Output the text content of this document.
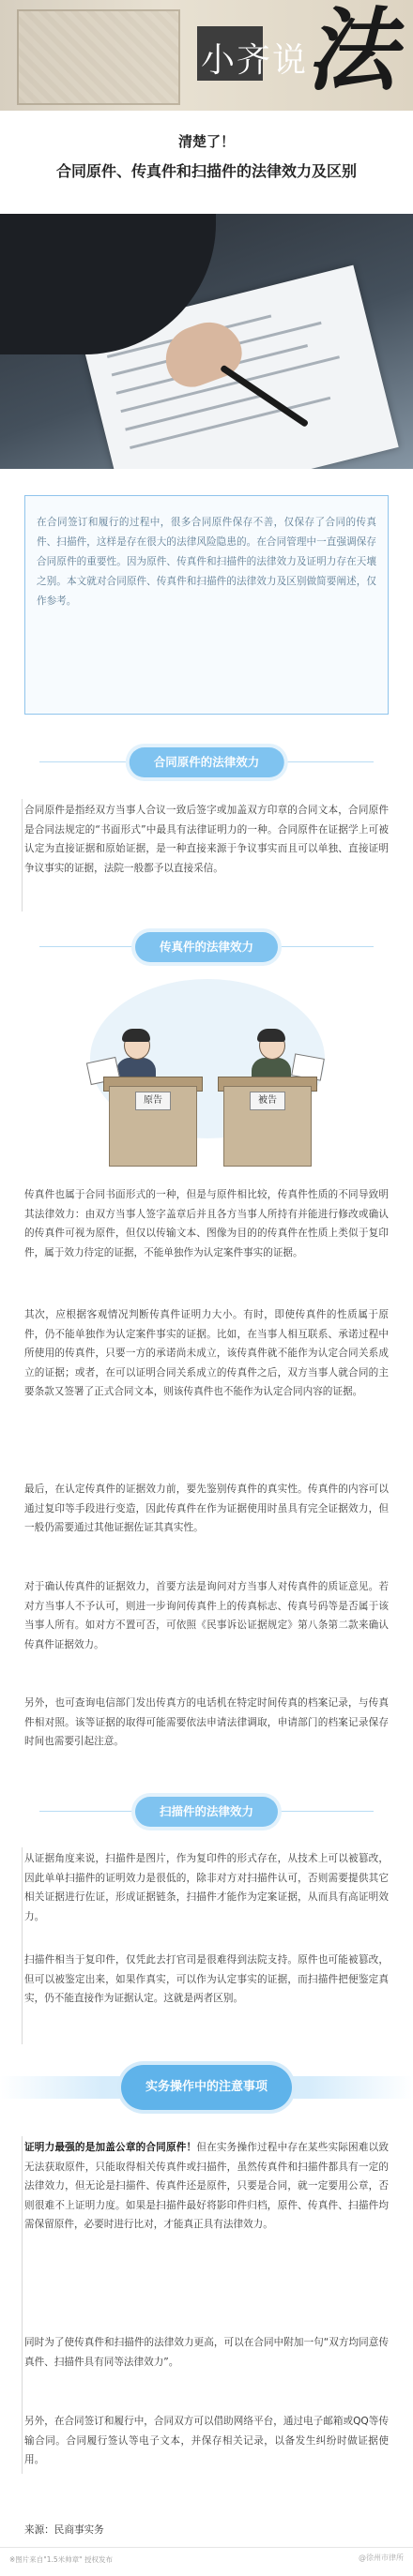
小齐说
法
清楚了！
合同原件、传真件和扫描件的法律效力及区别

在合同签订和履行的过程中，很多合同原件保存不善，仅保存了合同的传真件、扫描件，这样是存在很大的法律风险隐患的。在合同管理中一直强调保存合同原件的重要性。因为原件、传真件和扫描件的法律效力及证明力存在天壤之别。本文就对合同原件、传真件和扫描件的法律效力及区别做简要阐述，仅作参考。

合同原件的法律效力

合同原件是指经双方当事人合议一致后签字或加盖双方印章的合同文本，合同原件是合同法规定的“书面形式”中最具有法律证明力的一种。合同原件在证据学上可被认定为直接证据和原始证据，是一种直接来源于争议事实而且可以单独、直接证明争议事实的证据，法院一般都予以直接采信。

传真件的法律效力
原告	被告

传真件也属于合同书面形式的一种，但是与原件相比较，传真件性质的不同导致明其法律效力：由双方当事人签字盖章后并且各方当事人所持有并能进行修改或确认的传真件可视为原件，但仅以传输文本、图像为目的的传真件在性质上类似于复印件，属于效力待定的证据，不能单独作为认定案件事实的证据。

其次，应根据客观情况判断传真件证明力大小。有时，即使传真件的性质属于原件，仍不能单独作为认定案件事实的证据。比如，在当事人相互联系、承诺过程中所使用的传真件，只要一方的承诺尚未成立，该传真件就不能作为认定合同关系成立的证据；或者，在可以证明合同关系成立的传真件之后，双方当事人就合同的主要条款又签署了正式合同文本，则该传真件也不能作为认定合同内容的证据。

最后，在认定传真件的证据效力前，要先鉴别传真件的真实性。传真件的内容可以通过复印等手段进行变造，因此传真件在作为证据使用时虽具有完全证据效力，但一般仍需要通过其他证据佐证其真实性。

对于确认传真件的证据效力，首要方法是询问对方当事人对传真件的质证意见。若对方当事人不予认可，则进一步询问传真件上的传真标志、传真号码等是否属于该当事人所有。如对方不置可否，可依照《民事诉讼证据规定》第八条第二款来确认传真件证据效力。

另外，也可查询电信部门发出传真方的电话机在特定时间传真的档案记录，与传真件相对照。该等证据的取得可能需要依法申请法律调取，申请部门的档案记录保存时间也需要引起注意。

扫描件的法律效力

从证据角度来说，扫描件是图片，作为复印件的形式存在，从技术上可以被篡改，因此单单扫描件的证明效力是很低的，除非对方对扫描件认可，否则需要提供其它相关证据进行佐证，形成证据链条，扫描件才能作为定案证据，从而具有高证明效力。

扫描件相当于复印件，仅凭此去打官司是很难得到法院支持。原件也可能被篡改，但可以被鉴定出来，如果作真实，可以作为认定事实的证据，而扫描件把便鉴定真实，仍不能直接作为证据认定。这就是两者区别。

实务操作中的注意事项

证明力最强的是加盖公章的合同原件！但在实务操作过程中存在某些实际困难以致无法获取原件，只能取得相关传真件或扫描件，虽然传真件和扫描件都具有一定的法律效力，但无论是扫描件、传真件还是原件，只要是合同，就一定要用公章，否则很难不上证明力度。如果是扫描件最好将影印件归档，原件、传真件、扫描件均需保留原件，必要时进行比对，才能真正具有法律效力。

同时为了使传真件和扫描件的法律效力更高，可以在合同中附加一句“双方均同意传真件、扫描件具有同等法律效力”。

另外，在合同签订和履行中，合同双方可以借助网络平台，通过电子邮箱或QQ等传输合同。合同履行签认等电子文本，并保存相关记录，以备发生纠纷时做证据使用。

来源：民商事实务
※图片来自"1.5米帅章" 授权发布	@徐州市律所
